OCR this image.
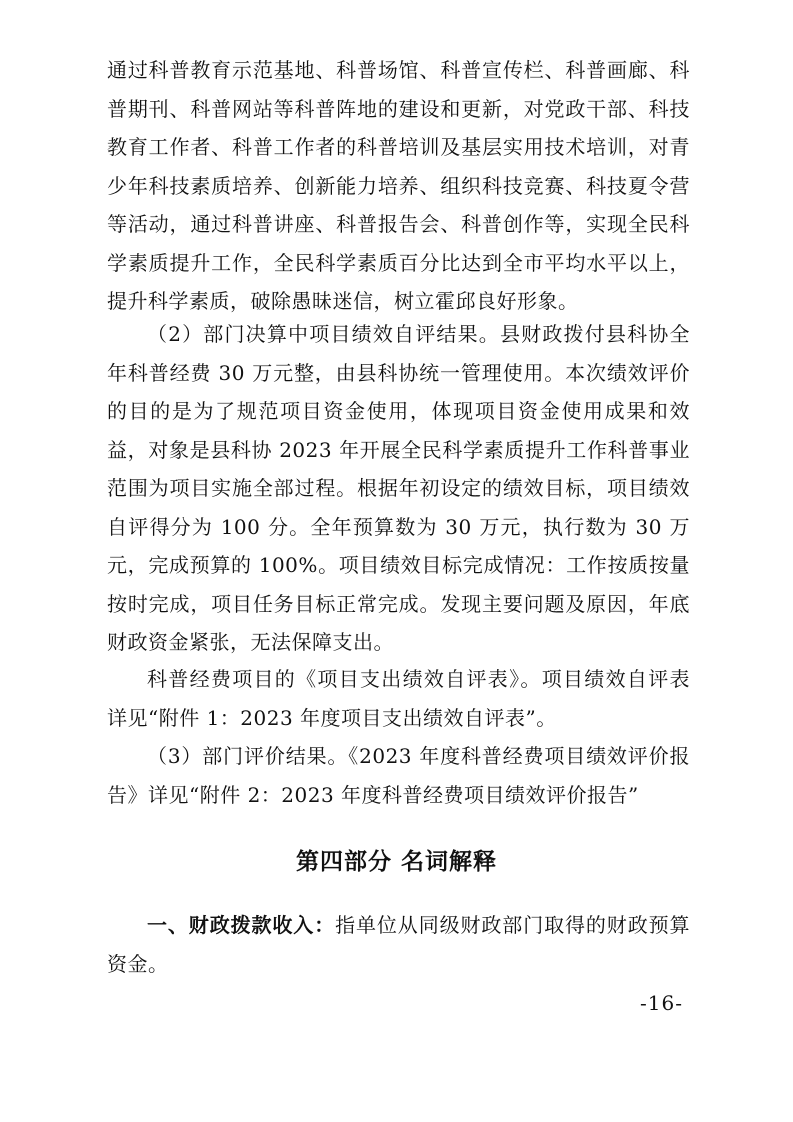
通过科普教育示范基地、科普场馆、科普宣传栏、科普画廊、科普期刊、科普网站等科普阵地的建设和更新，对党政干部、科技教育工作者、科普工作者的科普培训及基层实用技术培训，对青少年科技素质培养、创新能力培养、组织科技竞赛、科技夏令营等活动，通过科普讲座、科普报告会、科普创作等，实现全民科学素质提升工作，全民科学素质百分比达到全市平均水平以上，提升科学素质，破除愚昧迷信，树立霍邱良好形象。

（2）部门决算中项目绩效自评结果。县财政拨付县科协全年科普经费 30 万元整，由县科协统一管理使用。本次绩效评价的目的是为了规范项目资金使用，体现项目资金使用成果和效益，对象是县科协 2023 年开展全民科学素质提升工作科普事业范围为项目实施全部过程。根据年初设定的绩效目标，项目绩效自评得分为 100 分。全年预算数为 30 万元，执行数为 30 万元，完成预算的 100%。项目绩效目标完成情况：工作按质按量按时完成，项目任务目标正常完成。发现主要问题及原因，年底财政资金紧张，无法保障支出。

科普经费项目的《项目支出绩效自评表》。项目绩效自评表详见“附件 1：2023 年度项目支出绩效自评表”。

（3）部门评价结果。《2023 年度科普经费项目绩效评价报告》详见“附件 2：2023 年度科普经费项目绩效评价报告”

第四部分 名词解释

一、财政拨款收入：指单位从同级财政部门取得的财政预算资金。

-16-
